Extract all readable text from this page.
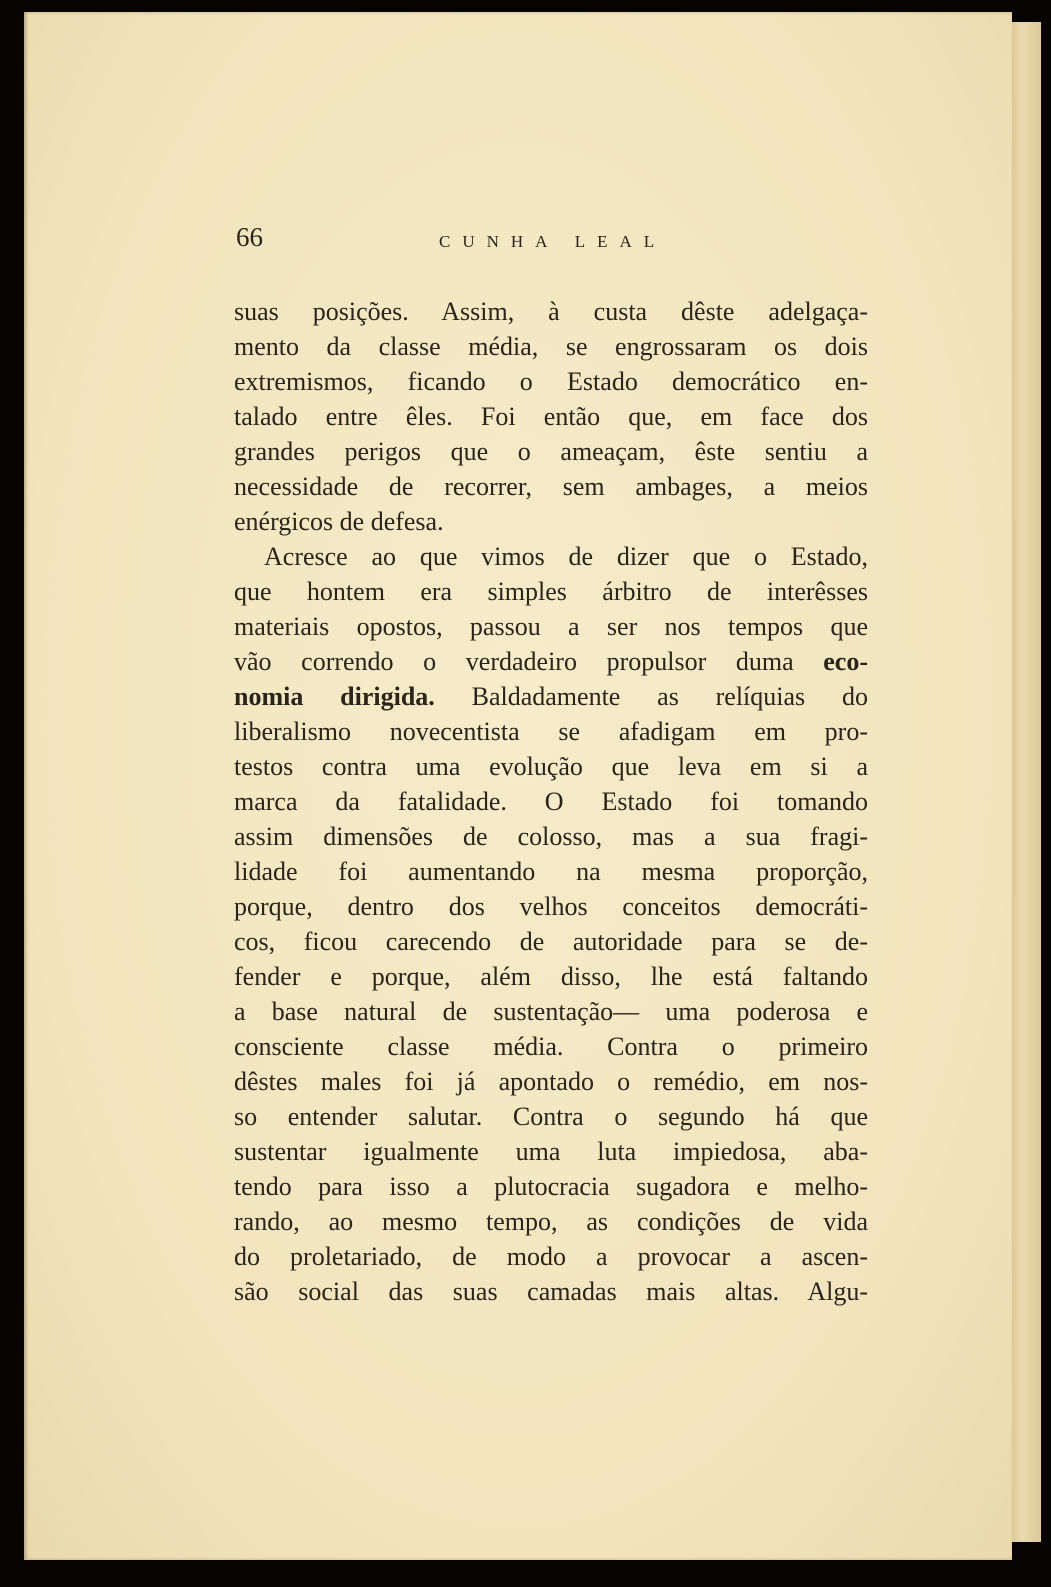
66	CUNHA LEAL
suas posições. Assim, à custa dêste adelgaça-
mento da classe média, se engrossaram os dois
extremismos, ficando o Estado democrático en-
talado entre êles. Foi então que, em face dos
grandes perigos que o ameaçam, êste sentiu a
necessidade de recorrer, sem ambages, a meios
enérgicos de defesa.
Acresce ao que vimos de dizer que o Estado,
que hontem era simples árbitro de interêsses
materiais opostos, passou a ser nos tempos que
vão correndo o verdadeiro propulsor duma eco-
nomia dirigida. Baldadamente as relíquias do
liberalismo novecentista se afadigam em pro-
testos contra uma evolução que leva em si a
marca da fatalidade. O Estado foi tomando
assim dimensões de colosso, mas a sua fragi-
lidade foi aumentando na mesma proporção,
porque, dentro dos velhos conceitos democráti-
cos, ficou carecendo de autoridade para se de-
fender e porque, além disso, lhe está faltando
a base natural de sustentação— uma poderosa e
consciente classe média. Contra o primeiro
dêstes males foi já apontado o remédio, em nos-
so entender salutar. Contra o segundo há que
sustentar igualmente uma luta impiedosa, aba-
tendo para isso a plutocracia sugadora e melho-
rando, ao mesmo tempo, as condições de vida
do proletariado, de modo a provocar a ascen-
são social das suas camadas mais altas. Algu-
